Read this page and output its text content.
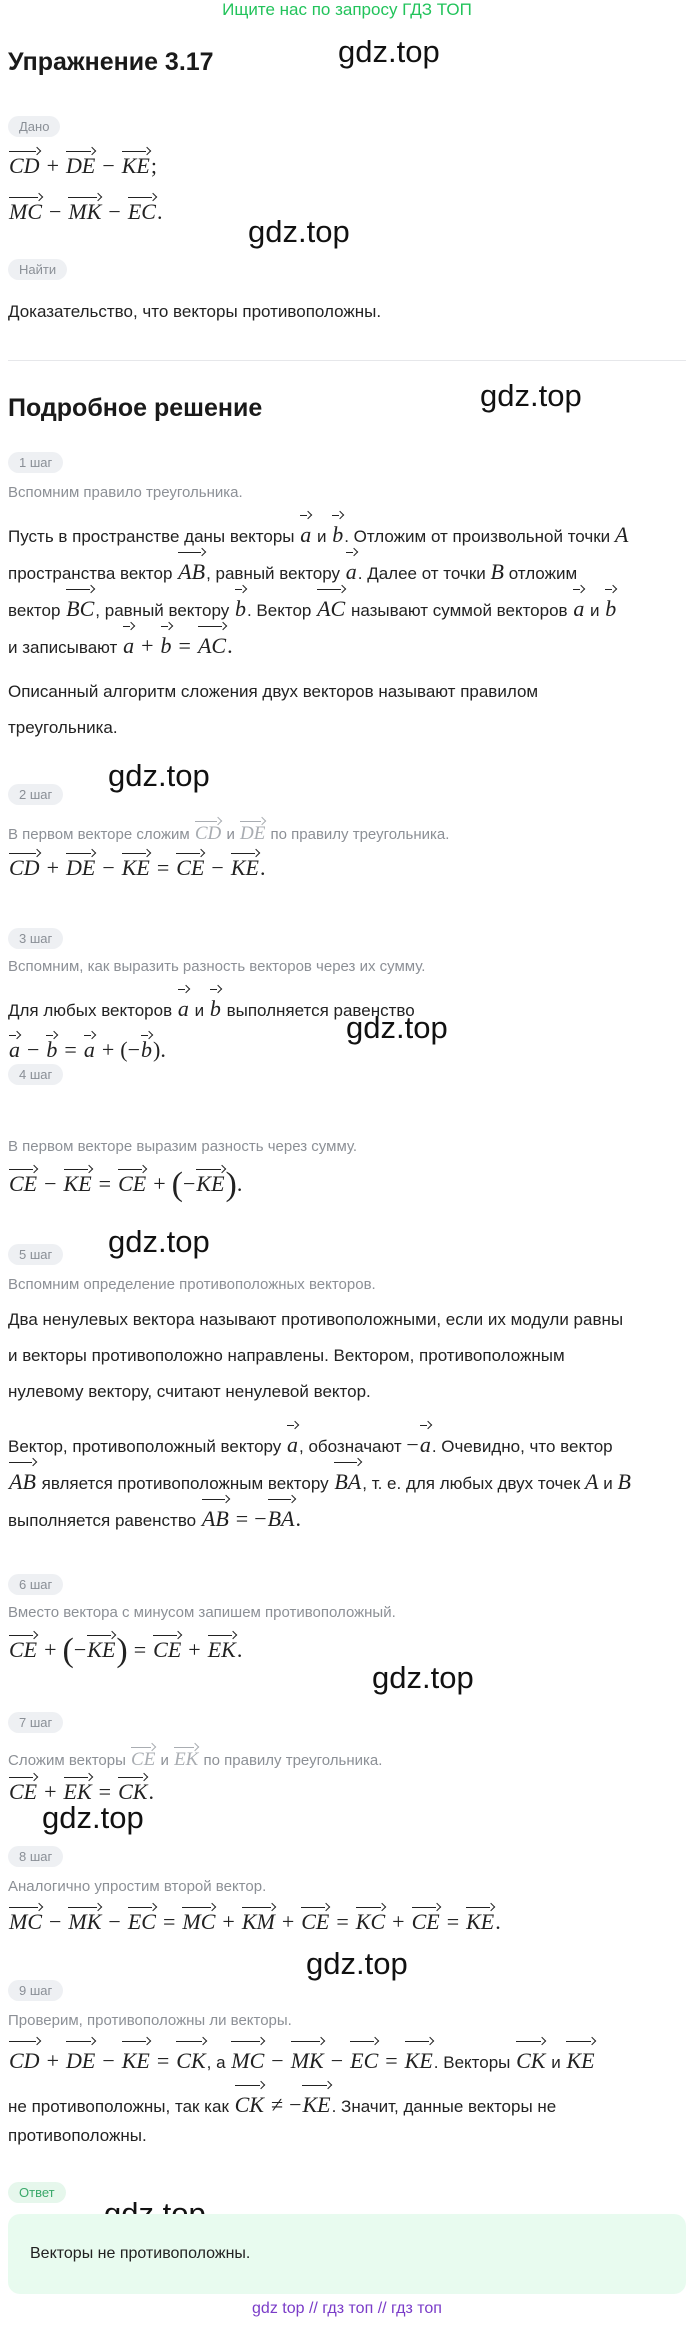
Ищите нас по запросу ГДЗ ТОП
Упражнение 3.17	gdz.top
gdz.top
gdz.top
gdz.top
gdz.top
gdz.top
gdz.top
gdz.top
gdz.top
Дано
CD + DE − KE;
MC − MK − EC.
Найти
Доказательство, что векторы противоположны.
Подробное решение
1 шаг
Вспомним правило треугольника.
Пусть в пространстве даны векторы a и b. Отложим от произвольной точки A
пространства вектор AB, равный вектору a. Далее от точки B отложим
вектор BC, равный вектору b. Вектор AC называют суммой векторов a и b
и записывают a + b = AC.
Описанный алгоритм сложения двух векторов называют правилом
треугольника.
2 шаг
В первом векторе сложим CD и DE по правилу треугольника.
CD + DE − KE = CE − KE.
3 шаг
Вспомним, как выразить разность векторов через их сумму.
Для любых векторов a и b выполняется равенство
a − b = a + (−b).
4 шаг
В первом векторе выразим разность через сумму.
CE − KE = CE + (−KE).
5 шаг
Вспомним определение противоположных векторов.
Два ненулевых вектора называют противоположными, если их модули равны
и векторы противоположно направлены. Вектором, противоположным
нулевому вектору, считают ненулевой вектор.
Вектор, противоположный вектору a, обозначают −a. Очевидно, что вектор
AB является противоположным вектору BA, т. е. для любых двух точек A и B
выполняется равенство AB = −BA.
6 шаг
Вместо вектора с минусом запишем противоположный.
CE + (−KE) = CE + EK.
7 шаг
Сложим векторы CE и EK по правилу треугольника.
CE + EK = CK.
8 шаг
Аналогично упростим второй вектор.
MC − MK − EC = MC + KM + CE = KC + CE = KE.
9 шаг
Проверим, противоположны ли векторы.
CD + DE − KE = CK, а MC − MK − EC = KE. Векторы CK и KE
не противоположны, так как CK ≠ −KE. Значит, данные векторы не
противоположны.
Ответ
Векторы не противоположны.
gdz top // гдз топ // гдз топ
